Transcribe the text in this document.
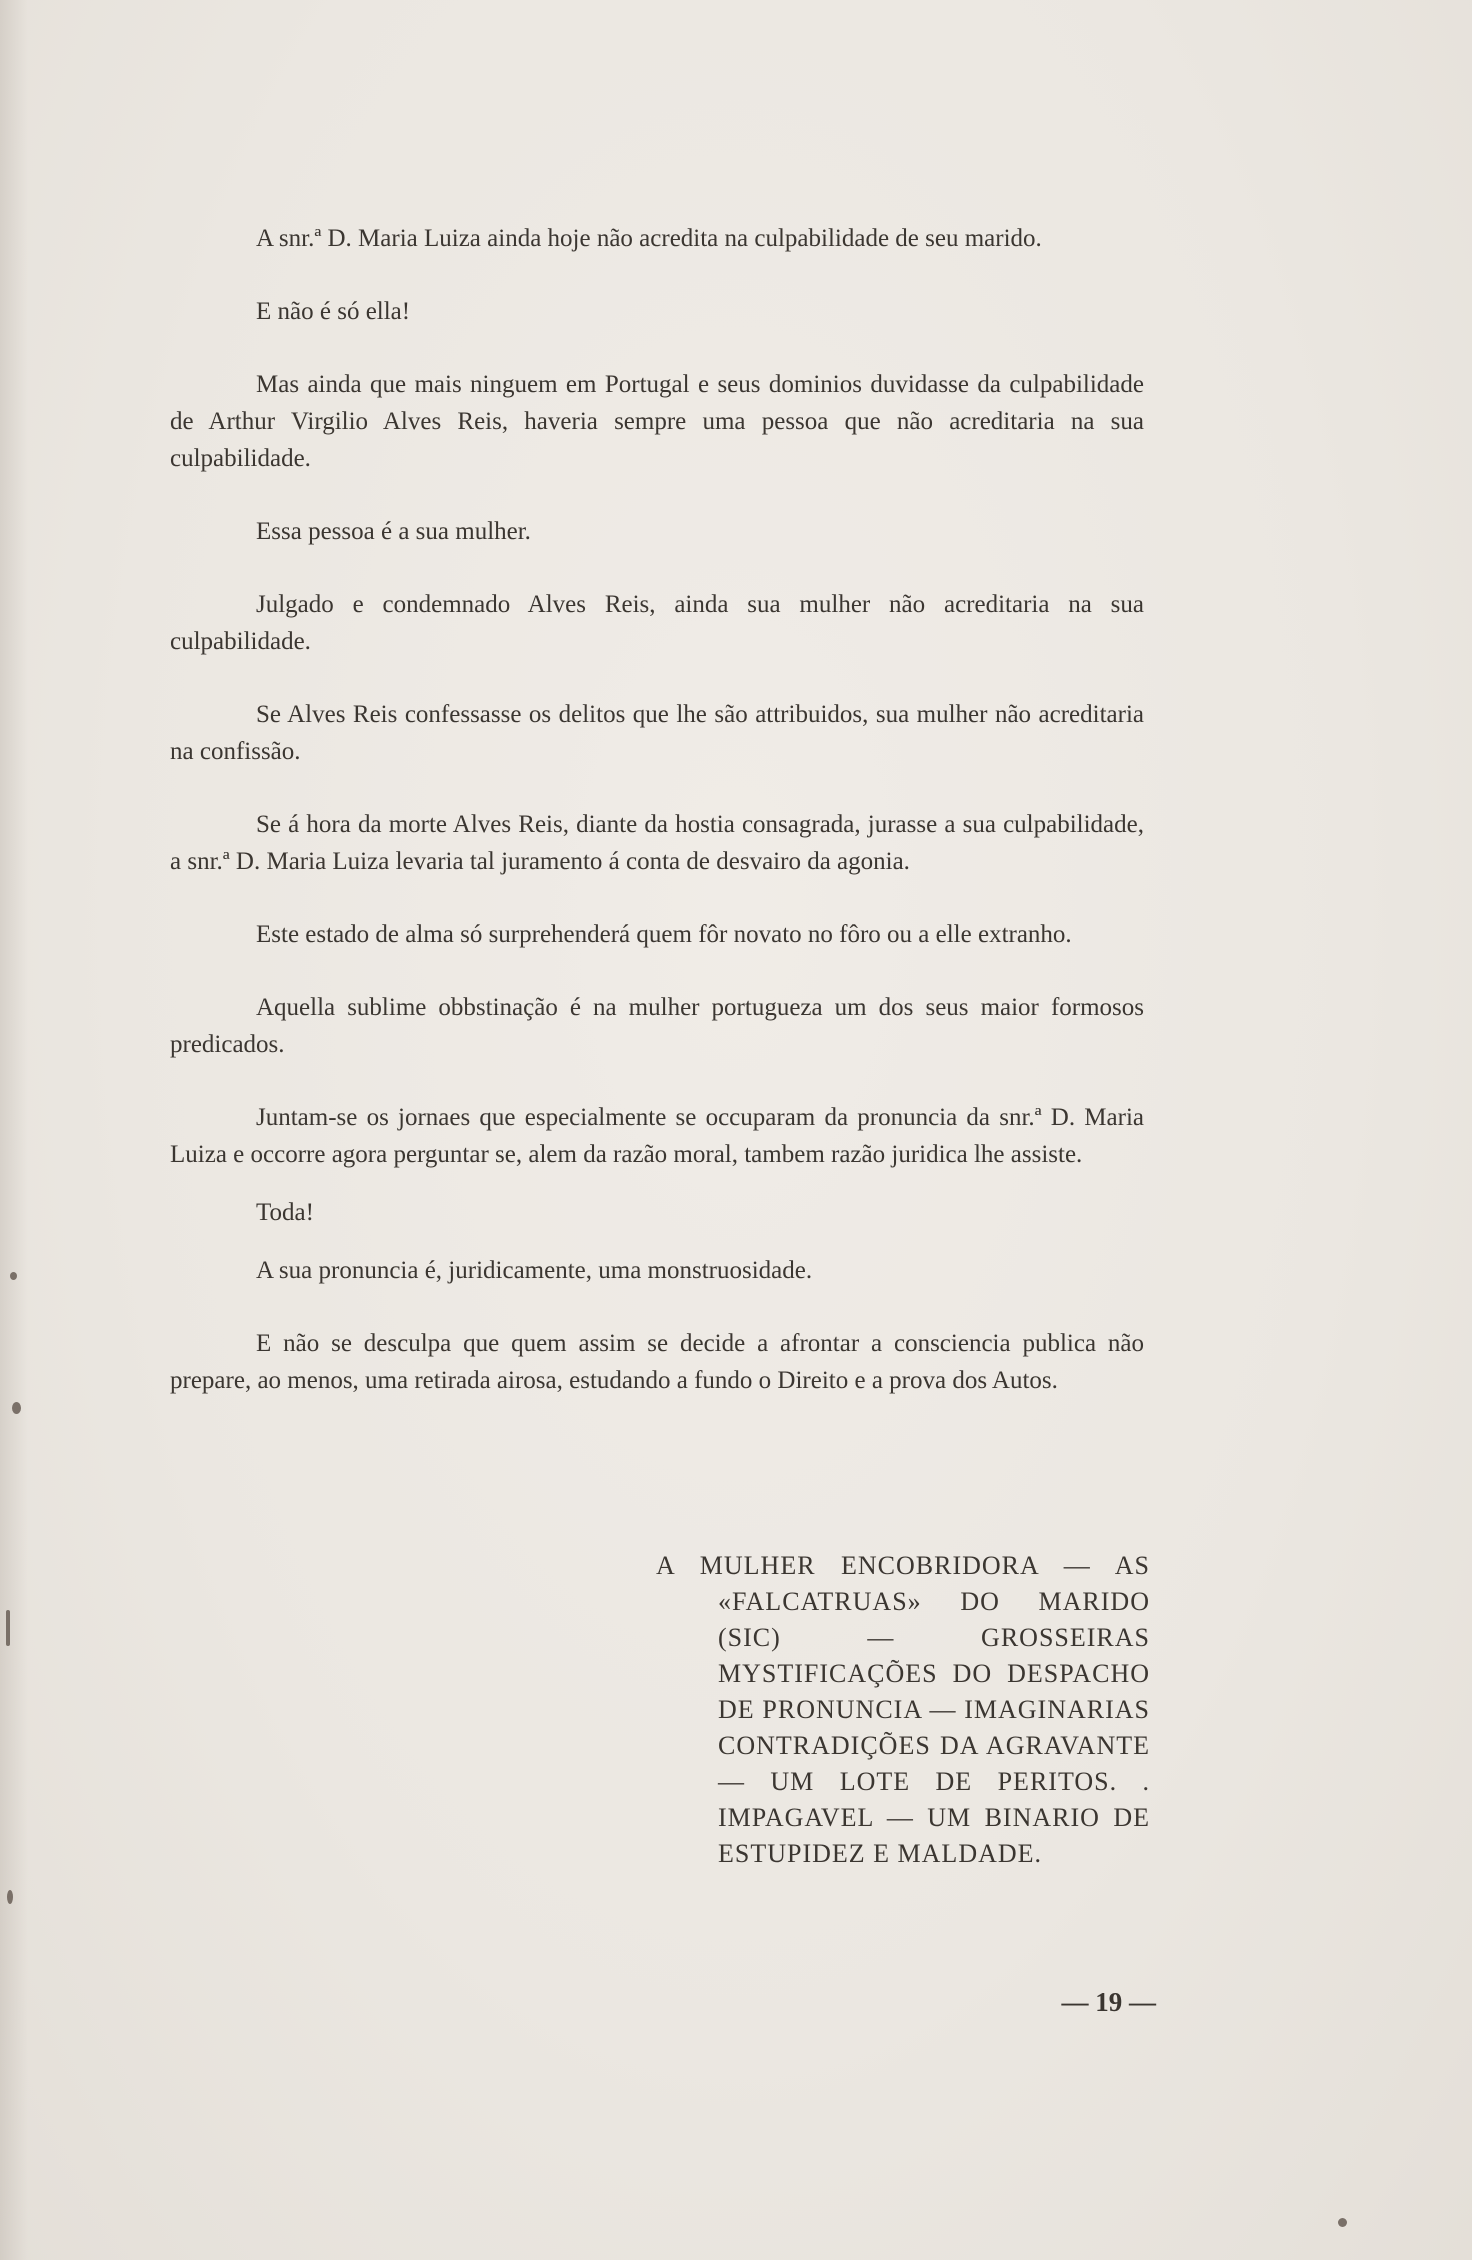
A snr.ª D. Maria Luiza ainda hoje não acredita na culpabilidade de seu marido.

E não é só ella!

Mas ainda que mais ninguem em Portugal e seus dominios duvidasse da culpabilidade de Arthur Virgilio Alves Reis, haveria sempre uma pessoa que não acreditaria na sua culpabilidade.

Essa pessoa é a sua mulher.

Julgado e condemnado Alves Reis, ainda sua mulher não acreditaria na sua culpabilidade.

Se Alves Reis confessasse os delitos que lhe são attribuidos, sua mulher não acreditaria na confissão.

Se á hora da morte Alves Reis, diante da hostia consagrada, jurasse a sua culpabilidade, a snr.ª D. Maria Luiza levaria tal juramento á conta de desvairo da agonia.

Este estado de alma só surprehenderá quem fôr novato no fôro ou a elle extranho.

Aquella sublime obbstinação é na mulher portugueza um dos seus maior formosos predicados.

Juntam-se os jornaes que especialmente se occuparam da pronuncia da snr.ª D. Maria Luiza e occorre agora perguntar se, alem da razão moral, tambem razão juridica lhe assiste.

Toda!

A sua pronuncia é, juridicamente, uma monstruosidade.

E não se desculpa que quem assim se decide a afrontar a consciencia publica não prepare, ao menos, uma retirada airosa, estudando a fundo o Direito e a prova dos Autos.

A MULHER ENCOBRIDORA — AS «FALCATRUAS» DO MARIDO (SIC) — GROSSEIRAS MYSTIFICAÇÕES DO DESPACHO DE PRONUNCIA — IMAGINARIAS CONTRADIÇÕES DA AGRAVANTE — UM LOTE DE PERITOS. . IMPAGAVEL — UM BINARIO DE ESTUPIDEZ E MALDADE.
— 19 —
